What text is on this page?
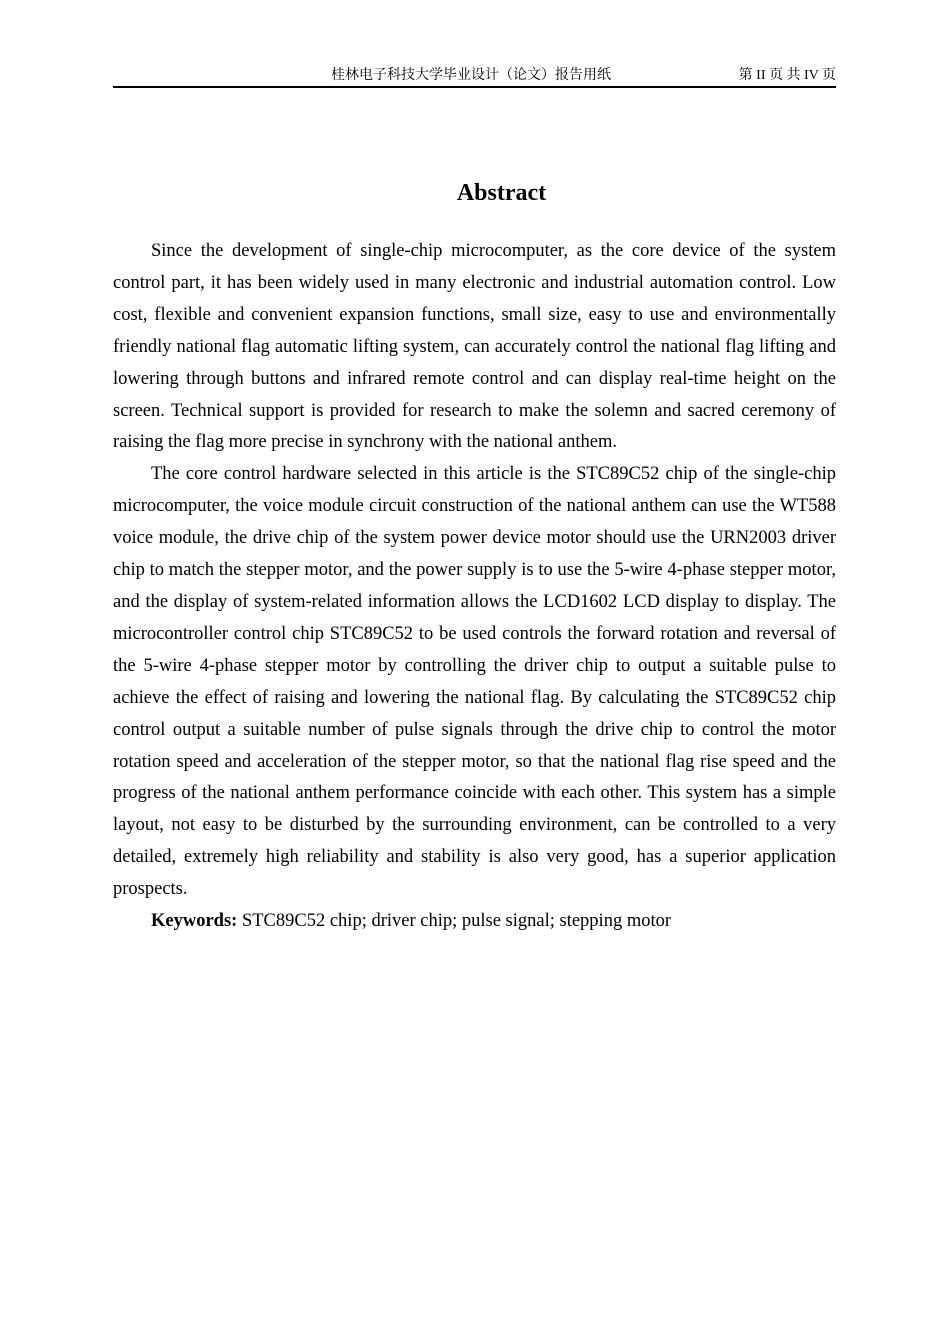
桂林电子科技大学毕业设计（论文）报告用纸	第 II 页 共 IV 页
Abstract

Since the development of single-chip microcomputer, as the core device of the system control part, it has been widely used in many electronic and industrial automation control. Low cost, flexible and convenient expansion functions, small size, easy to use and environmentally friendly national flag automatic lifting system, can accurately control the national flag lifting and lowering through buttons and infrared remote control and can display real-time height on the screen. Technical support is provided for research to make the solemn and sacred ceremony of raising the flag more precise in synchrony with the national anthem.

The core control hardware selected in this article is the STC89C52 chip of the single-chip microcomputer, the voice module circuit construction of the national anthem can use the WT588 voice module, the drive chip of the system power device motor should use the URN2003 driver chip to match the stepper motor, and the power supply is to use the 5-wire 4-phase stepper motor, and the display of system-related information allows the LCD1602 LCD display to display. The microcontroller control chip STC89C52 to be used controls the forward rotation and reversal of the 5-wire 4-phase stepper motor by controlling the driver chip to output a suitable pulse to achieve the effect of raising and lowering the national flag. By calculating the STC89C52 chip control output a suitable number of pulse signals through the drive chip to control the motor rotation speed and acceleration of the stepper motor, so that the national flag rise speed and the progress of the national anthem performance coincide with each other. This system has a simple layout, not easy to be disturbed by the surrounding environment, can be controlled to a very detailed, extremely high reliability and stability is also very good, has a superior application prospects.

Keywords: STC89C52 chip; driver chip; pulse signal; stepping motor
